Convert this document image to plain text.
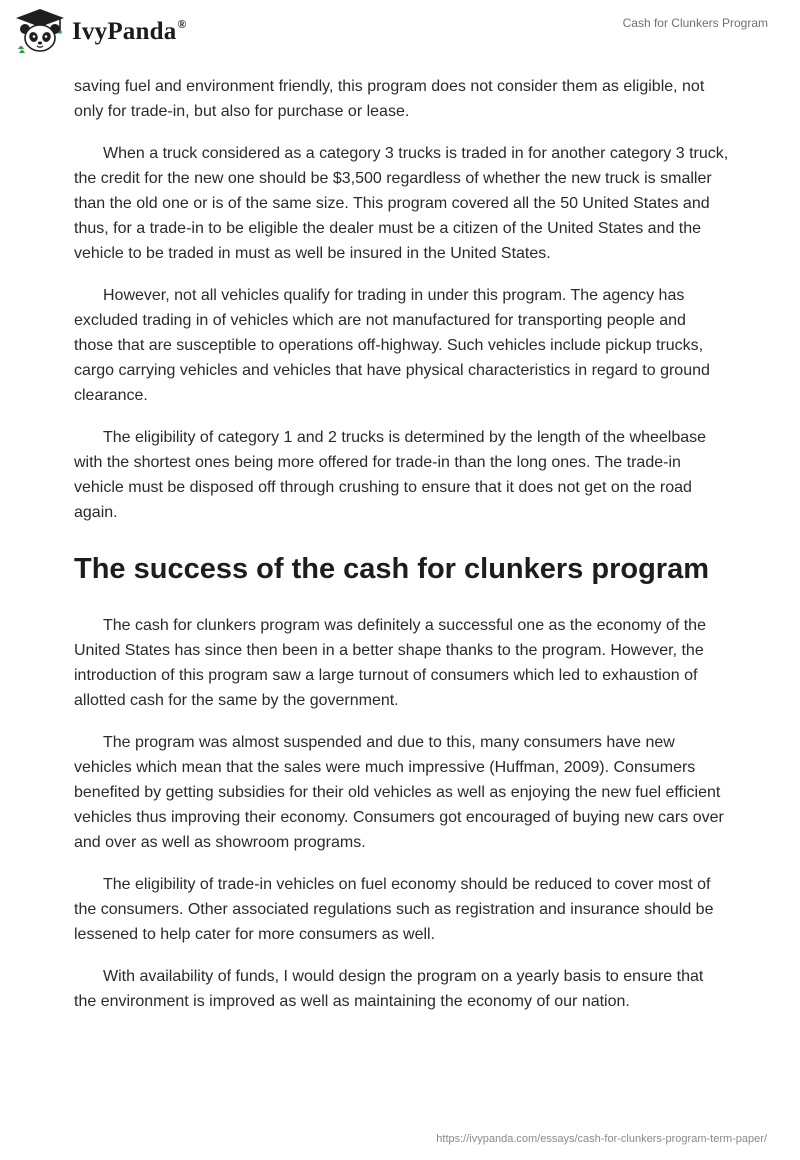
IvyPanda®	Cash for Clunkers Program

saving fuel and environment friendly, this program does not consider them as eligible, not only for trade-in, but also for purchase or lease.

When a truck considered as a category 3 trucks is traded in for another category 3 truck, the credit for the new one should be $3,500 regardless of whether the new truck is smaller than the old one or is of the same size. This program covered all the 50 United States and thus, for a trade-in to be eligible the dealer must be a citizen of the United States and the vehicle to be traded in must as well be insured in the United States.

However, not all vehicles qualify for trading in under this program. The agency has excluded trading in of vehicles which are not manufactured for transporting people and those that are susceptible to operations off-highway. Such vehicles include pickup trucks, cargo carrying vehicles and vehicles that have physical characteristics in regard to ground clearance.

The eligibility of category 1 and 2 trucks is determined by the length of the wheelbase with the shortest ones being more offered for trade-in than the long ones. The trade-in vehicle must be disposed off through crushing to ensure that it does not get on the road again.

The success of the cash for clunkers program

The cash for clunkers program was definitely a successful one as the economy of the United States has since then been in a better shape thanks to the program. However, the introduction of this program saw a large turnout of consumers which led to exhaustion of allotted cash for the same by the government.

The program was almost suspended and due to this, many consumers have new vehicles which mean that the sales were much impressive (Huffman, 2009). Consumers benefited by getting subsidies for their old vehicles as well as enjoying the new fuel efficient vehicles thus improving their economy. Consumers got encouraged of buying new cars over and over as well as showroom programs.

The eligibility of trade-in vehicles on fuel economy should be reduced to cover most of the consumers. Other associated regulations such as registration and insurance should be lessened to help cater for more consumers as well.

With availability of funds, I would design the program on a yearly basis to ensure that the environment is improved as well as maintaining the economy of our nation.

https://ivypanda.com/essays/cash-for-clunkers-program-term-paper/
